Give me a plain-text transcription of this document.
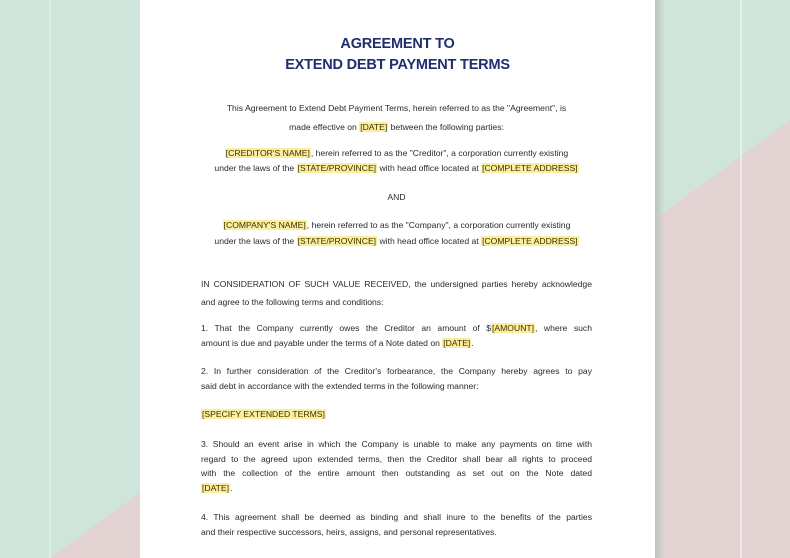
AGREEMENT TO
EXTEND DEBT PAYMENT TERMS
This Agreement to Extend Debt Payment Terms, herein referred to as the "Agreement", is
made effective on [DATE] between the following parties:
[CREDITOR'S NAME], herein referred to as the "Creditor", a corporation currently existing
under the laws of the [STATE/PROVINCE] with head office located at [COMPLETE ADDRESS]
AND
[COMPANY'S NAME], herein referred to as the "Company", a corporation currently existing
under the laws of the [STATE/PROVINCE] with head office located at [COMPLETE ADDRESS]
IN CONSIDERATION OF SUCH VALUE RECEIVED, the undersigned parties hereby acknowledge
and agree to the following terms and conditions:
1. That the Company currently owes the Creditor an amount of $[AMOUNT], where such
amount is due and payable under the terms of a Note dated on [DATE].
2. In further consideration of the Creditor's forbearance, the Company hereby agrees to pay
said debt in accordance with the extended terms in the following manner:
[SPECIFY EXTENDED TERMS]
3. Should an event arise in which the Company is unable to make any payments on time with
regard to the agreed upon extended terms, then the Creditor shall bear all rights to proceed
with the collection of the entire amount then outstanding as set out on the Note dated
[DATE].
4. This agreement shall be deemed as binding and shall inure to the benefits of the parties
and their respective successors, heirs, assigns, and personal representatives.
